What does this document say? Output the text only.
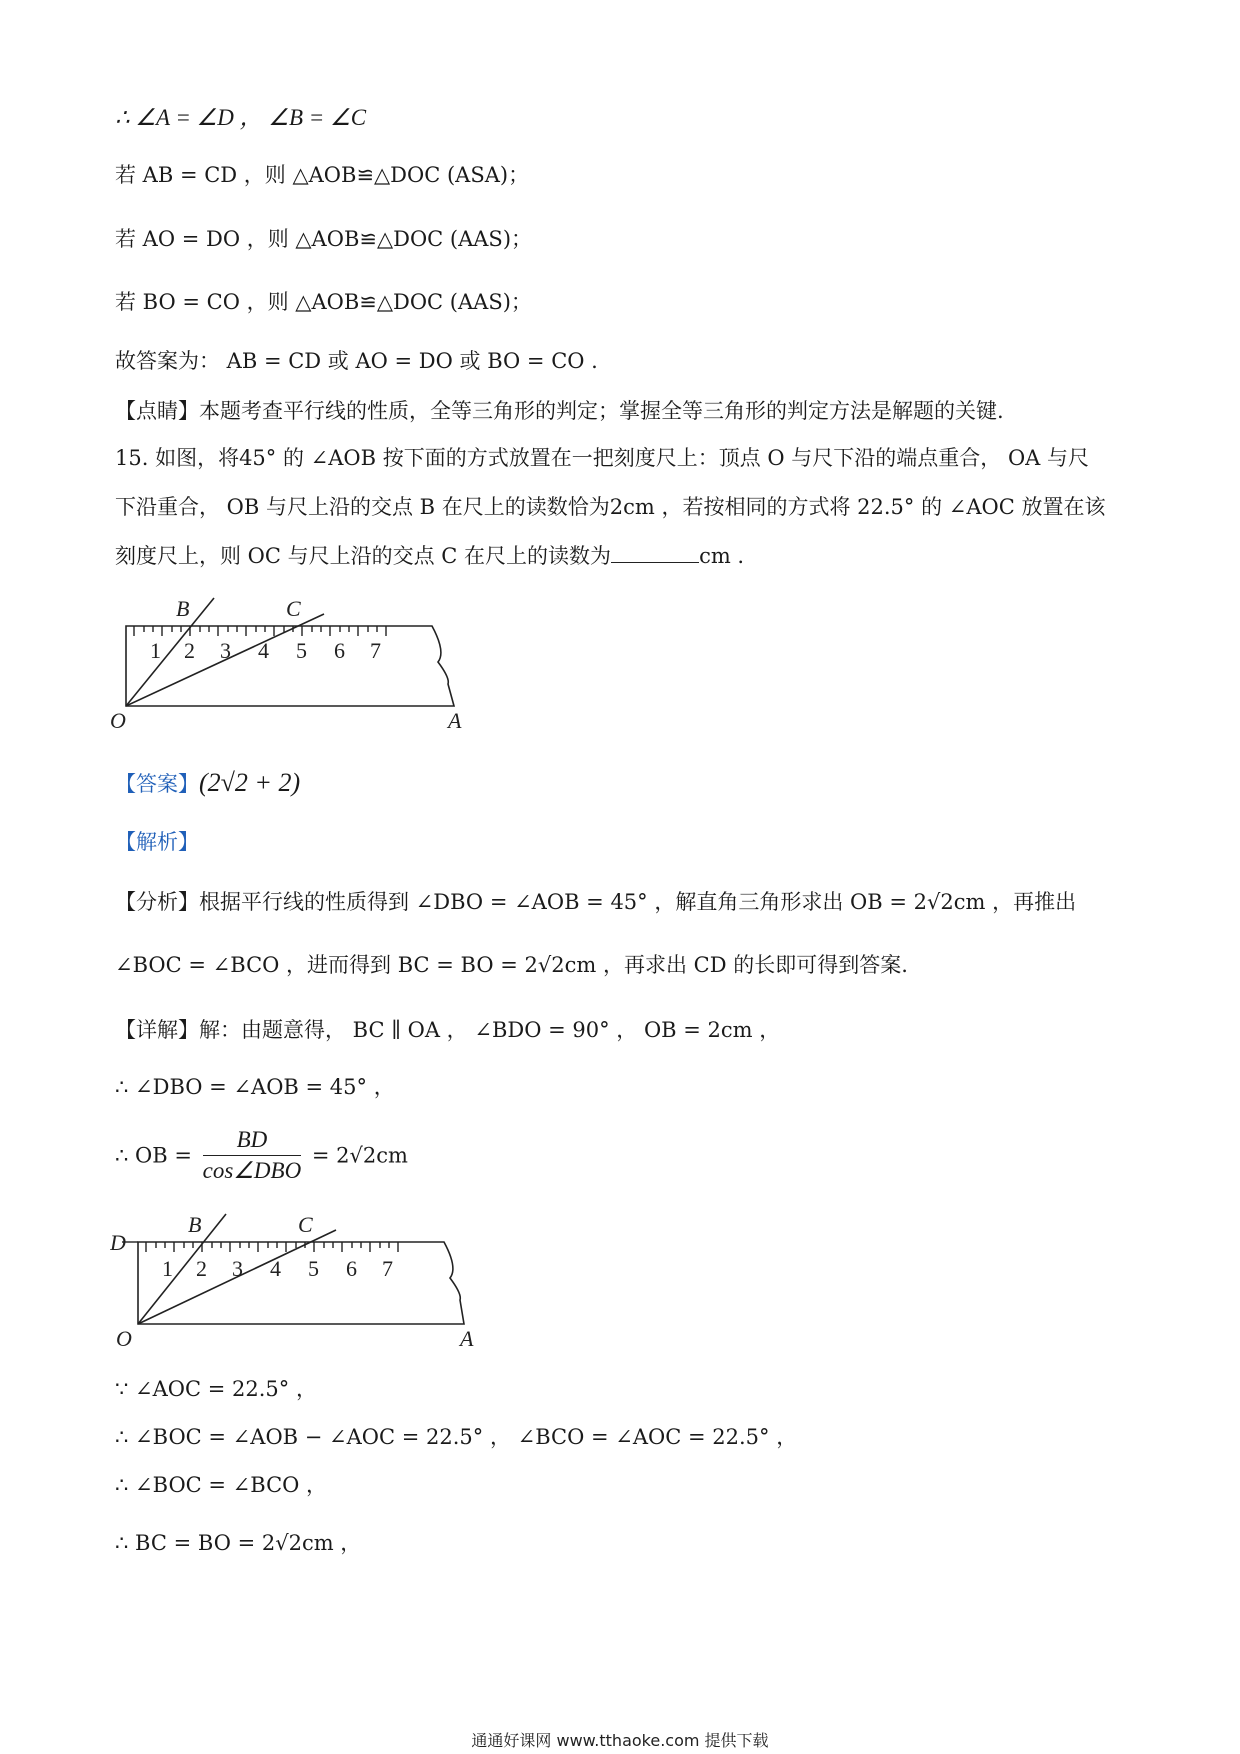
∴ ∠A = ∠D ， ∠B = ∠C
若 AB = CD ，则 △AOB≌△DOC (ASA)；
若 AO = DO ，则 △AOB≌△DOC (AAS)；
若 BO = CO ，则 △AOB≌△DOC (AAS)；
故答案为： AB = CD 或 AO = DO 或 BO = CO .
【点睛】本题考查平行线的性质，全等三角形的判定；掌握全等三角形的判定方法是解题的关键.
15. 如图，将45° 的 ∠AOB 按下面的方式放置在一把刻度尺上：顶点 O 与尺下沿的端点重合， OA 与尺
下沿重合， OB 与尺上沿的交点 B 在尺上的读数恰为2cm ，若按相同的方式将 22.5° 的 ∠AOC 放置在该
刻度尺上，则 OC 与尺上沿的交点 C 在尺上的读数为	cm .
1 2 3 4 5 6 7
B	C
O	A
【答案】(2√2 + 2)
【解析】
【分析】根据平行线的性质得到 ∠DBO = ∠AOB = 45° ，解直角三角形求出 OB = 2√2cm ，再推出
∠BOC = ∠BCO ，进而得到 BC = BO = 2√2cm ，再求出 CD 的长即可得到答案.
【详解】解：由题意得， BC ∥ OA ， ∠BDO = 90° ， OB = 2cm ，
∴ ∠DBO = ∠AOB = 45° ，
∴ OB = $\frac{BD}{\text{cos∠DBO}} = 2√2cm$
1 2 3 4 5 6 7
D
B	C
O	A
∵ ∠AOC = 22.5° ，
∴ ∠BOC = ∠AOB − ∠AOC = 22.5° ， ∠BCO = ∠AOC = 22.5° ，
∴ ∠BOC = ∠BCO ，
∴ BC = BO = 2√2cm ，
通通好课网 www.tthaoke.com 提供下载
